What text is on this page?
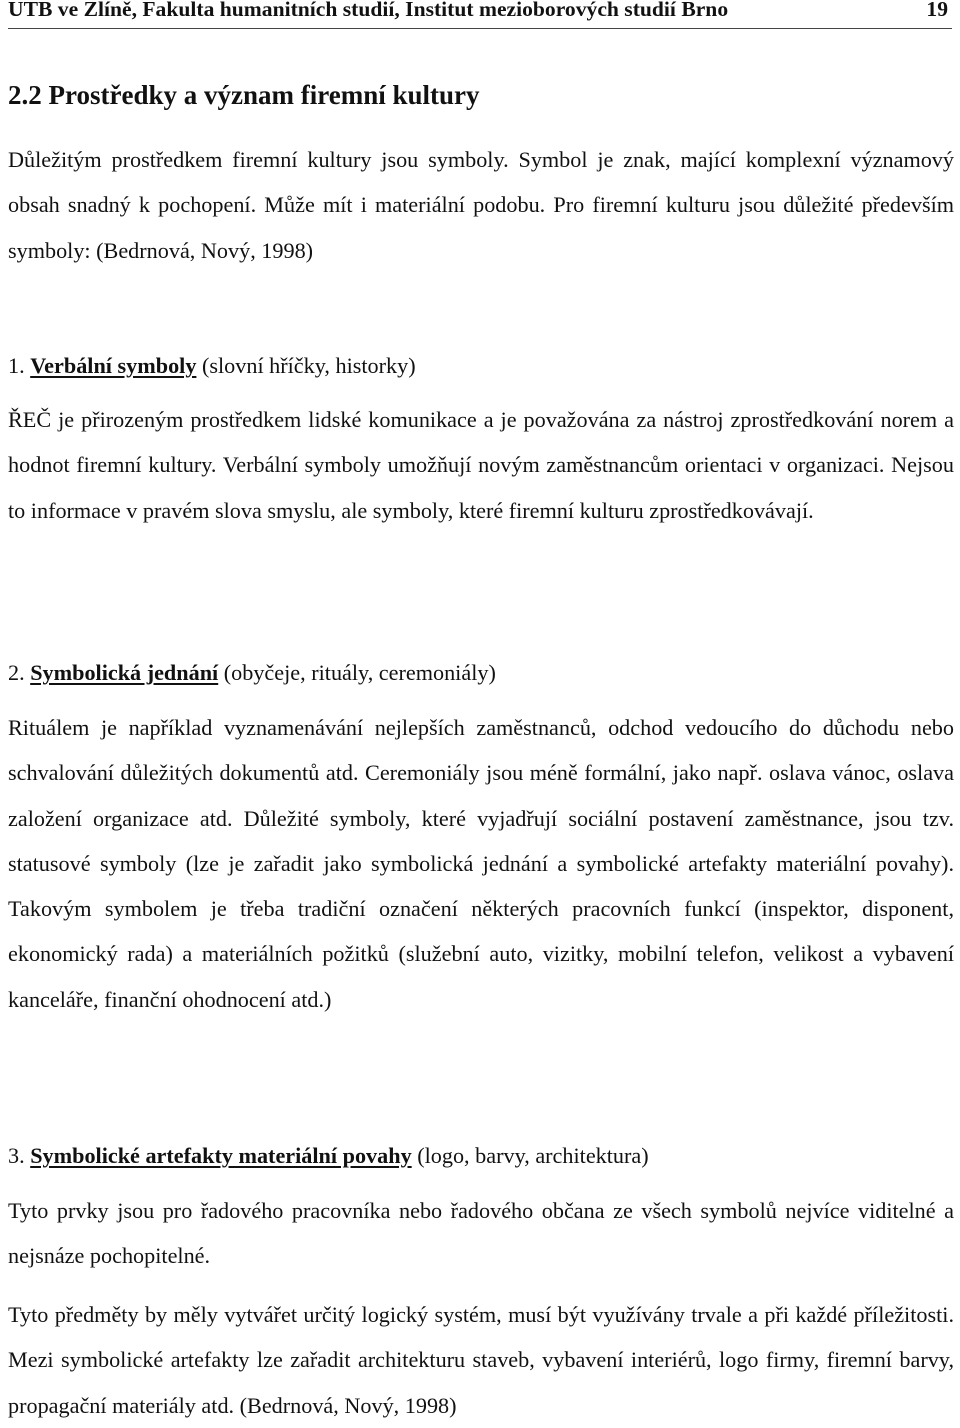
UTB ve Zlíně, Fakulta humanitních studií, Institut mezioborových studií Brno	19
2.2 Prostředky a význam firemní kultury

Důležitým prostředkem firemní kultury jsou symboly. Symbol je znak, mající komplexní významový obsah snadný k pochopení. Může mít i materiální podobu. Pro firemní kulturu jsou důležité především symboly: (Bedrnová, Nový, 1998)

1. Verbální symboly (slovní hříčky, historky)

ŘEČ je přirozeným prostředkem lidské komunikace a je považována za nástroj zprostředkování norem a hodnot firemní kultury. Verbální symboly umožňují novým zaměstnancům orientaci v organizaci. Nejsou to informace v pravém slova smyslu, ale symboly, které firemní kulturu zprostředkovávají.

2. Symbolická jednání (obyčeje, rituály, ceremoniály)

Rituálem je například vyznamenávání nejlepších zaměstnanců, odchod vedoucího do důchodu nebo schvalování důležitých dokumentů atd. Ceremoniály jsou méně formální, jako např. oslava vánoc, oslava založení organizace atd. Důležité symboly, které vyjadřují sociální postavení zaměstnance, jsou tzv. statusové symboly (lze je zařadit jako symbolická jednání a symbolické artefakty materiální povahy). Takovým symbolem je třeba tradiční označení některých pracovních funkcí (inspektor, disponent, ekonomický rada) a materiálních požitků (služební auto, vizitky, mobilní telefon, velikost a vybavení kanceláře, finanční ohodnocení atd.)

3. Symbolické artefakty materiální povahy (logo, barvy, architektura)

Tyto prvky jsou pro řadového pracovníka nebo řadového občana ze všech symbolů nejvíce viditelné a nejsnáze pochopitelné.

Tyto předměty by měly vytvářet určitý logický systém, musí být využívány trvale a při každé příležitosti. Mezi symbolické artefakty lze zařadit architekturu staveb, vybavení interiérů, logo firmy, firemní barvy, propagační materiály atd. (Bedrnová, Nový, 1998)
